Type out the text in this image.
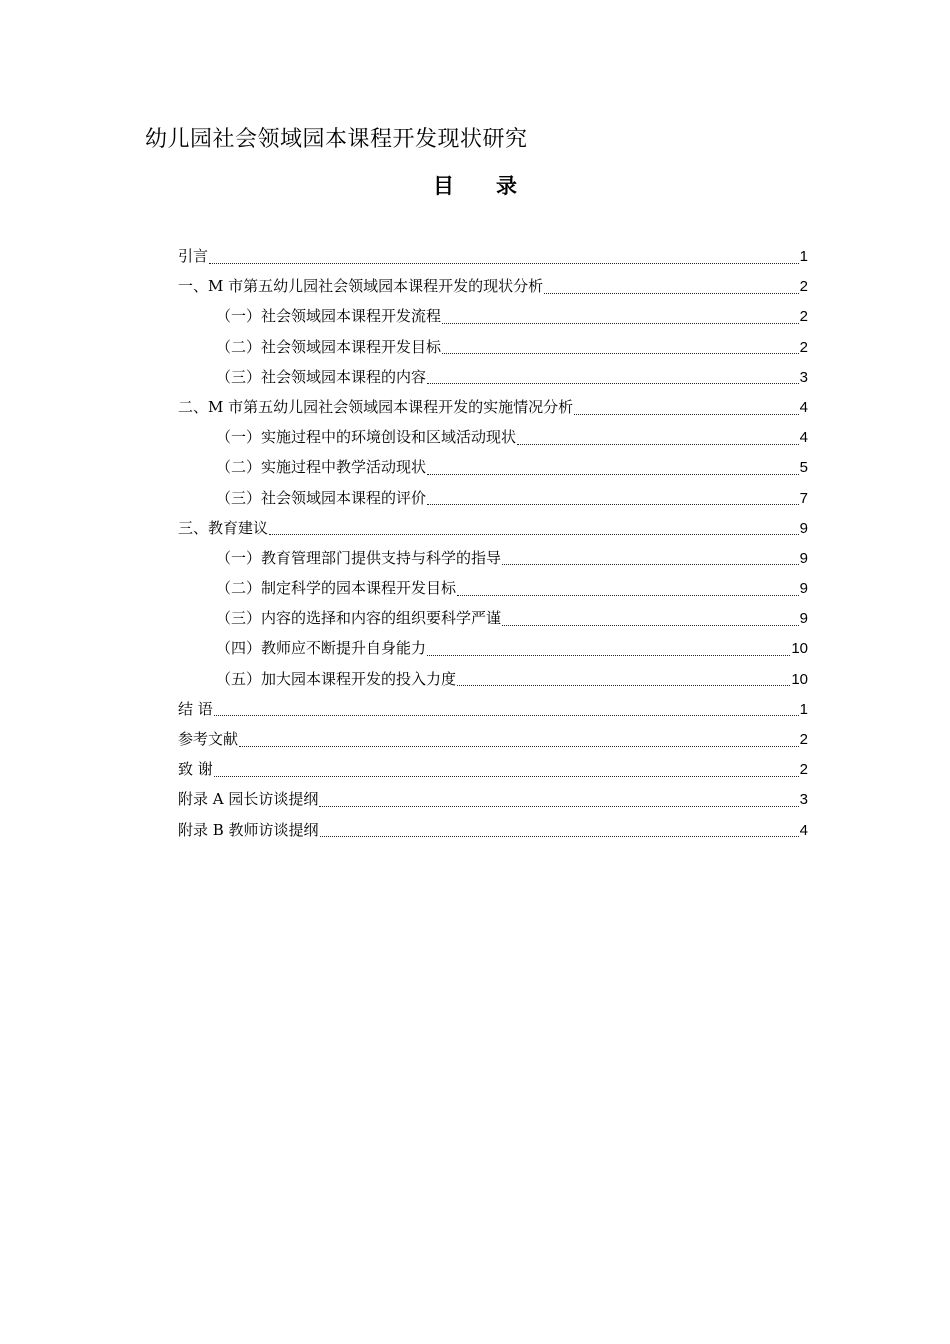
幼儿园社会领域园本课程开发现状研究
目 录
引言	1
一、M 市第五幼儿园社会领域园本课程开发的现状分析	2
（一）社会领域园本课程开发流程	2
（二）社会领域园本课程开发目标	2
（三）社会领域园本课程的内容	3
二、M 市第五幼儿园社会领域园本课程开发的实施情况分析	4
（一）实施过程中的环境创设和区域活动现状	4
（二）实施过程中教学活动现状	5
（三）社会领域园本课程的评价	7
三、教育建议	9
（一）教育管理部门提供支持与科学的指导	9
（二）制定科学的园本课程开发目标	9
（三）内容的选择和内容的组织要科学严谨	9
（四）教师应不断提升自身能力	10
（五）加大园本课程开发的投入力度	10
结 语	1
参考文献	2
致 谢	2
附录 A 园长访谈提纲	3
附录 B 教师访谈提纲	4
